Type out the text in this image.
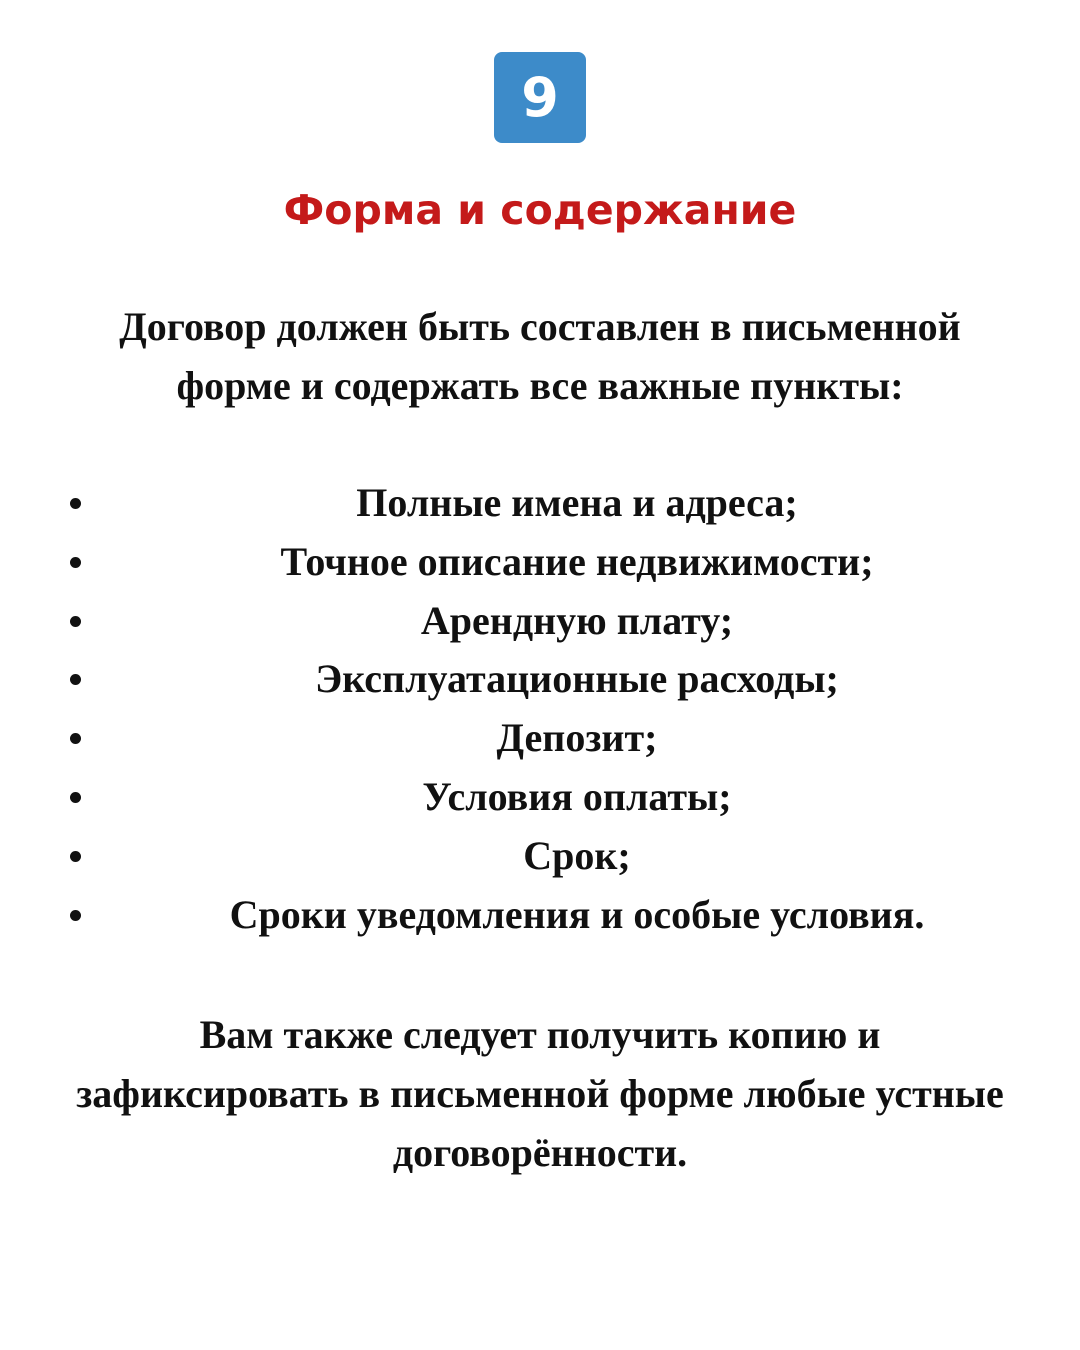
9
Форма и содержание

Договор должен быть составлен в письменной
форме и содержать все важные пункты:

Полные имена и адреса;
Точное описание недвижимости;
Арендную плату;
Эксплуатационные расходы;
Депозит;
Условия оплаты;
Срок;
Сроки уведомления и особые условия.

Вам также следует получить копию и
зафиксировать в письменной форме любые устные
договорённости.
